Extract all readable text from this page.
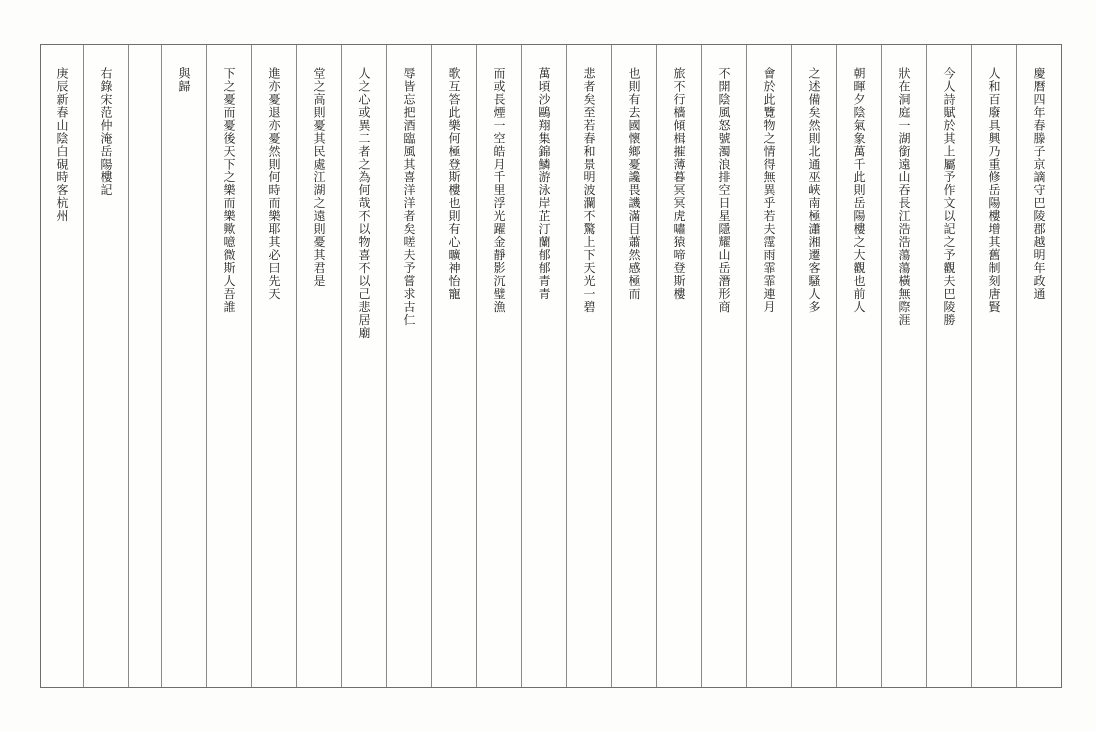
慶曆四年春滕子京謫守巴陵郡越明年政通
人和百廢具興乃重修岳陽樓增其舊制刻唐賢
今人詩賦於其上屬予作文以記之予觀夫巴陵勝
狀在洞庭一湖銜遠山吞長江浩浩蕩蕩橫無際涯
朝暉夕陰氣象萬千此則岳陽樓之大觀也前人
之述備矣然則北通巫峽南極瀟湘遷客騷人多
會於此覽物之情得無異乎若夫霪雨霏霏連月
不開陰風怒號濁浪排空日星隱耀山岳潛形商
旅不行檣傾楫摧薄暮冥冥虎嘯猿啼登斯樓
也則有去國懷鄉憂讒畏譏滿目蕭然感極而
悲者矣至若春和景明波瀾不驚上下天光一碧
萬頃沙鷗翔集錦鱗游泳岸芷汀蘭郁郁青青
而或長煙一空皓月千里浮光躍金靜影沉璧漁
歌互答此樂何極登斯樓也則有心曠神怡寵
辱皆忘把酒臨風其喜洋洋者矣嗟夫予嘗求古仁
人之心或異二者之為何哉不以物喜不以己悲居廟
堂之高則憂其民處江湖之遠則憂其君是
進亦憂退亦憂然則何時而樂耶其必曰先天
下之憂而憂後天下之樂而樂歟噫微斯人吾誰
與歸
右錄宋范仲淹岳陽樓記
庚辰新春山陰白硯時客杭州
